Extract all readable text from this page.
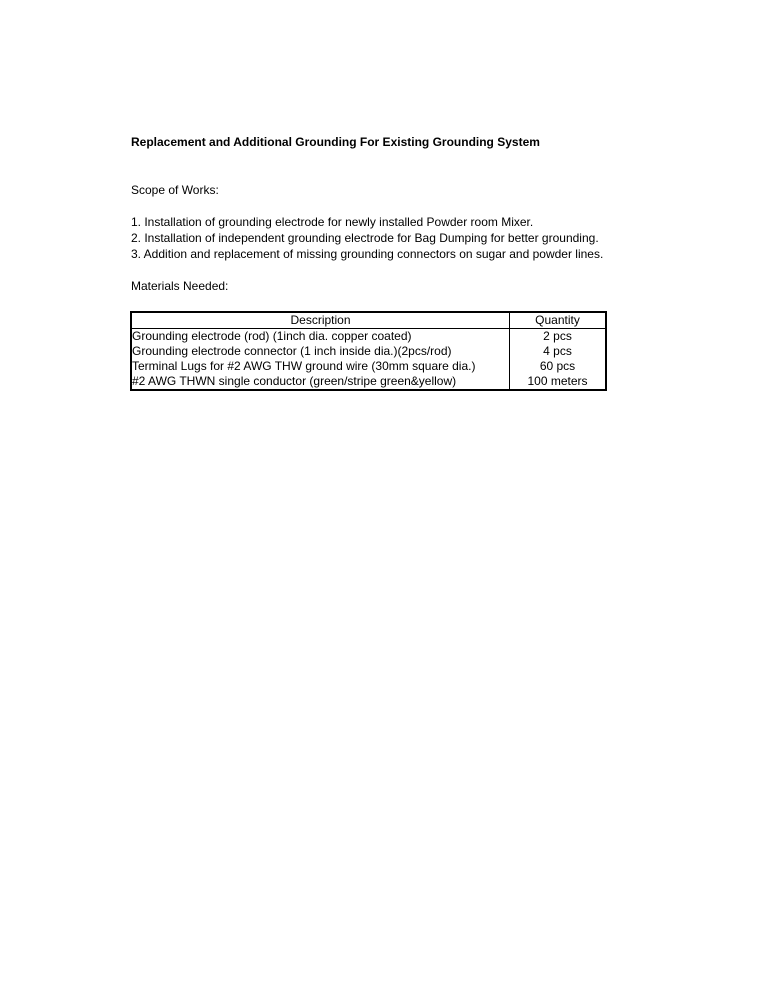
Replacement and Additional Grounding For Existing Grounding System
Scope of Works:
1. Installation of grounding electrode for newly installed Powder room Mixer.
2. Installation of independent grounding electrode for Bag Dumping for better grounding.
3. Addition and replacement of missing grounding connectors on sugar and powder lines.
Materials Needed:
Description	Quantity
Grounding electrode (rod) (1inch dia. copper coated)	2 pcs
Grounding electrode connector (1 inch inside dia.)(2pcs/rod)	4 pcs
Terminal Lugs for #2 AWG THW ground wire (30mm square dia.)	60 pcs
#2 AWG THWN single conductor (green/stripe green&yellow)	100 meters
